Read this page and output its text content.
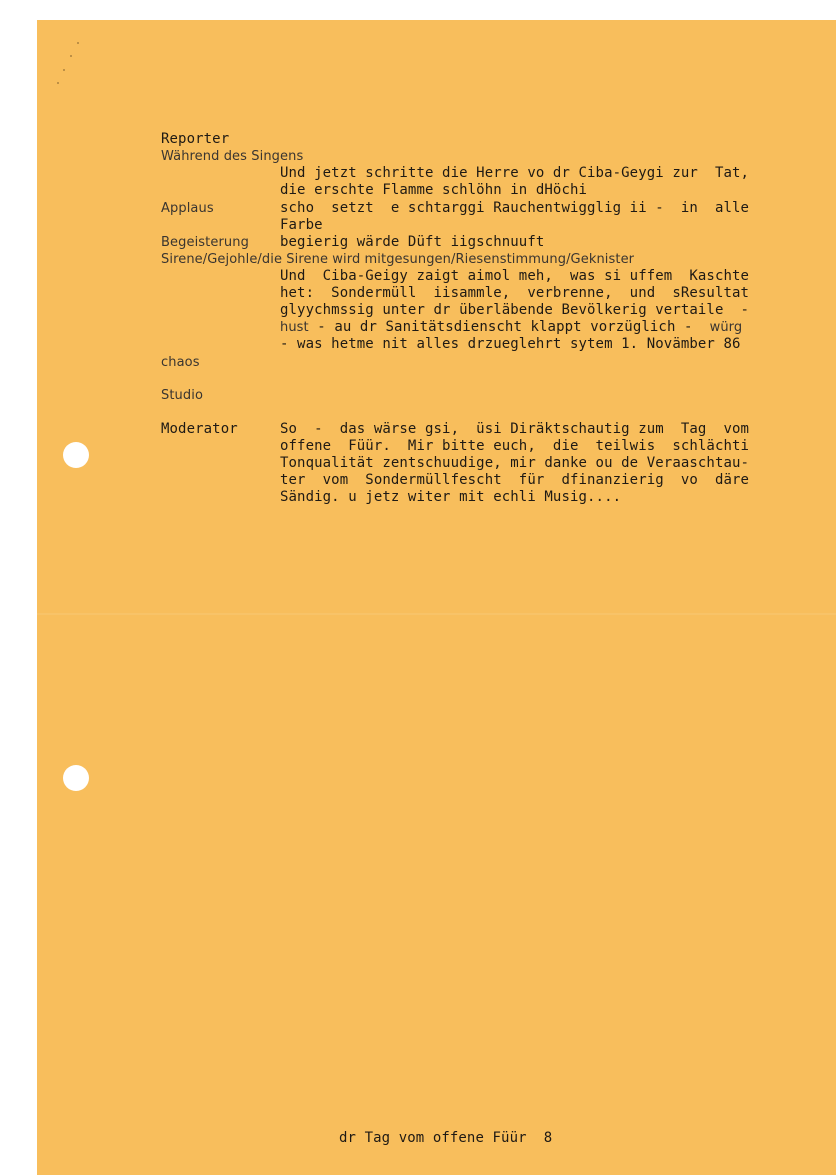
Reporter
Während des Singens
Und jetzt schritte die Herre vo dr Ciba-Geygi zur  Tat,
die erschte Flamme schlöhn in dHöchi
Applaus	scho  setzt  e schtarggi Rauchentwigglig ii -  in  alle
Farbe
Begeisterung begierig wärde Düft iigschnuuft
Sirene/Gejohle/die Sirene wird mitgesungen/Riesenstimmung/Geknister
Und  Ciba-Geigy zaigt aimol meh,  was si uffem  Kaschte
het:  Sondermüll  iisammle,  verbrenne,  und  sResultat
glyychmssig unter dr überläbende Bevölkerig vertaile  -
hust - au dr Sanitätsdienscht klappt vorzüglich -  würg
- was hetme nit alles drzueglehrt sytem 1. Novämber 86
chaos
Studio
Moderator	So  -  das wärse gsi,  üsi Diräktschautig zum  Tag  vom
offene  Füür.  Mir bitte euch,  die  teilwis  schlächti
Tonqualität zentschuudige, mir danke ou de Veraaschtau-
ter  vom  Sondermüllfescht  für  dfinanzierig  vo  däre
Sändig. u jetz witer mit echli Musig....
dr Tag vom offene Füür  8
